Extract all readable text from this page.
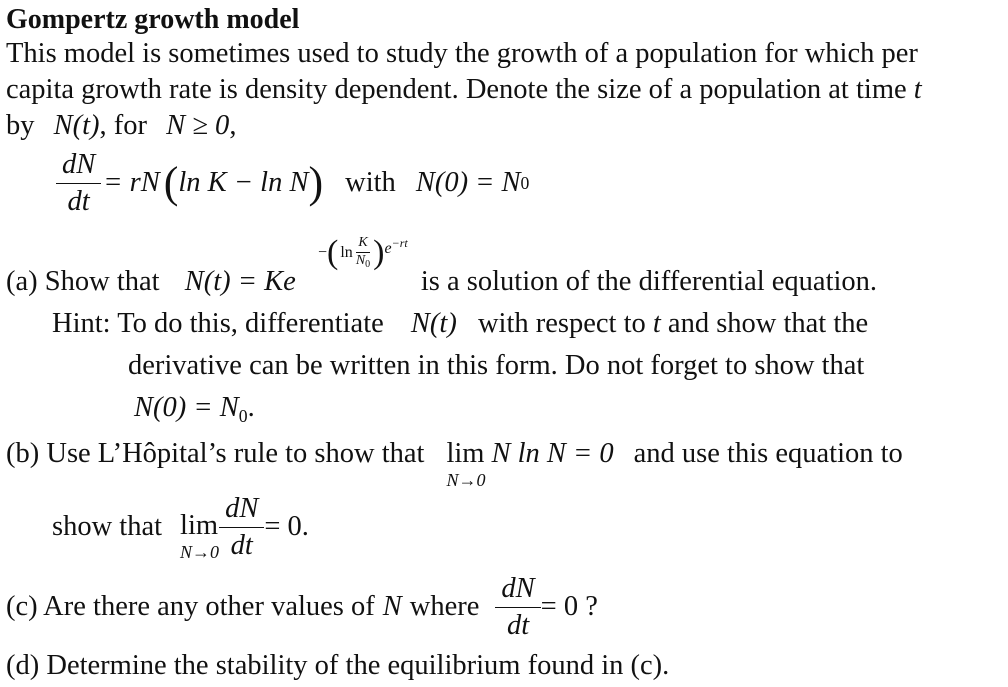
Gompertz growth model
This model is sometimes used to study the growth of a population for which per
capita growth rate is density dependent. Denote the size of a population at time t
by N(t), for N ≥ 0,
$\frac{dN}{dt}$ = rN ( ln K − ln N ) with N(0) = N 0
(a) Show that N(t) = Ke	is a solution of the differential equation.
− ( $\ln \frac{K}{N_0}$ ) e −rt
Hint: To do this, differentiate N(t) with respect to t and show that the
derivative can be written in this form. Do not forget to show that
$N(0) = N_0$.
(b) Use L’Hôpital’s rule to show that lim
N→0
N ln N = 0 and use this equation to
show that lim
$N\to 0 \frac{dN}{dt} = 0$.
(c) Are there any other values of N where $\frac{dN}{dt} = 0$ ?
(d) Determine the stability of the equilibrium found in (c).
